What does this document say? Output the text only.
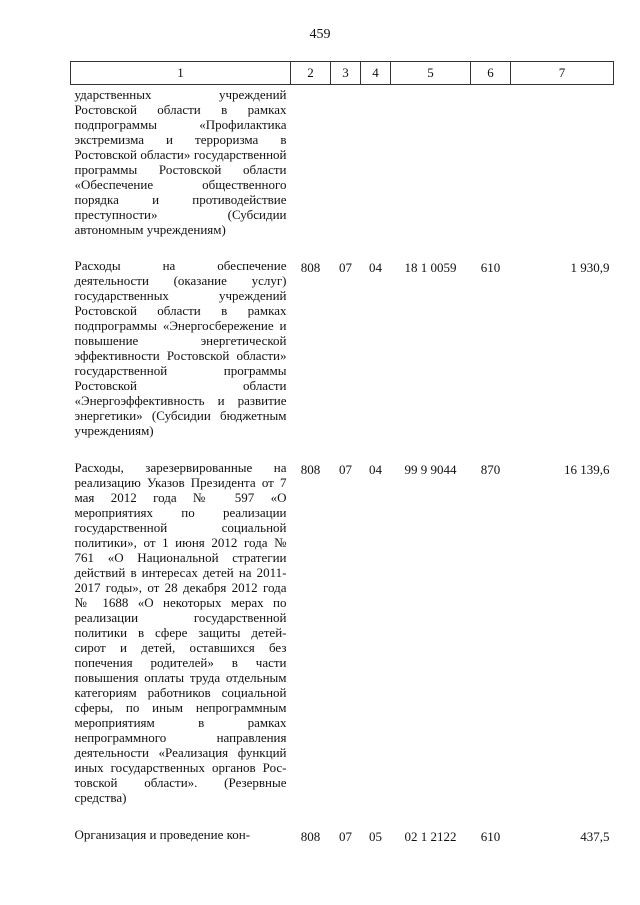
459
1	2	3	4	5	6	7
ударственных учреждений Ростовской области в рамках подпрограммы «Профилактика экстремизма и терроризма в Ростовской области» государственной программы Ростовской области «Обеспечение общественного порядка и противодействие преступности» (Субсидии автономным учреждениям)						
Расходы на обеспечение деятельности (оказание услуг) государственных учреждений Ростовской области в рамках подпрограммы «Энергосбережение и повышение энергетической эффективности Ростовской области» государственной программы Ростовской области «Энергоэффективность и развитие энергетики» (Субсидии бюджетным учреждениям)	808	07	04	18 1 0059	610	1 930,9
Расходы, зарезервированные на реализацию Указов Президента от 7 мая 2012 года № 597 «О мероприятиях по реализации государственной социальной политики», от 1 июня 2012 года № 761 «О Национальной стратегии действий в интересах детей на 2011-2017 годы», от 28 декабря 2012 года № 1688 «О некоторых мерах по реализации государственной политики в сфере защиты детей-сирот и детей, оставшихся без попечения родителей» в части повышения оплаты труда отдельным категориям работников социальной сферы, по иным непрограммным мероприятиям в рамках непрограммного направления деятельности «Реализация функций иных государственных органов Рос-товской области». (Резервные средства)	808	07	04	99 9 9044	870	16 139,6
Организация и проведение кон-	808	07	05	02 1 2122	610	437,5
